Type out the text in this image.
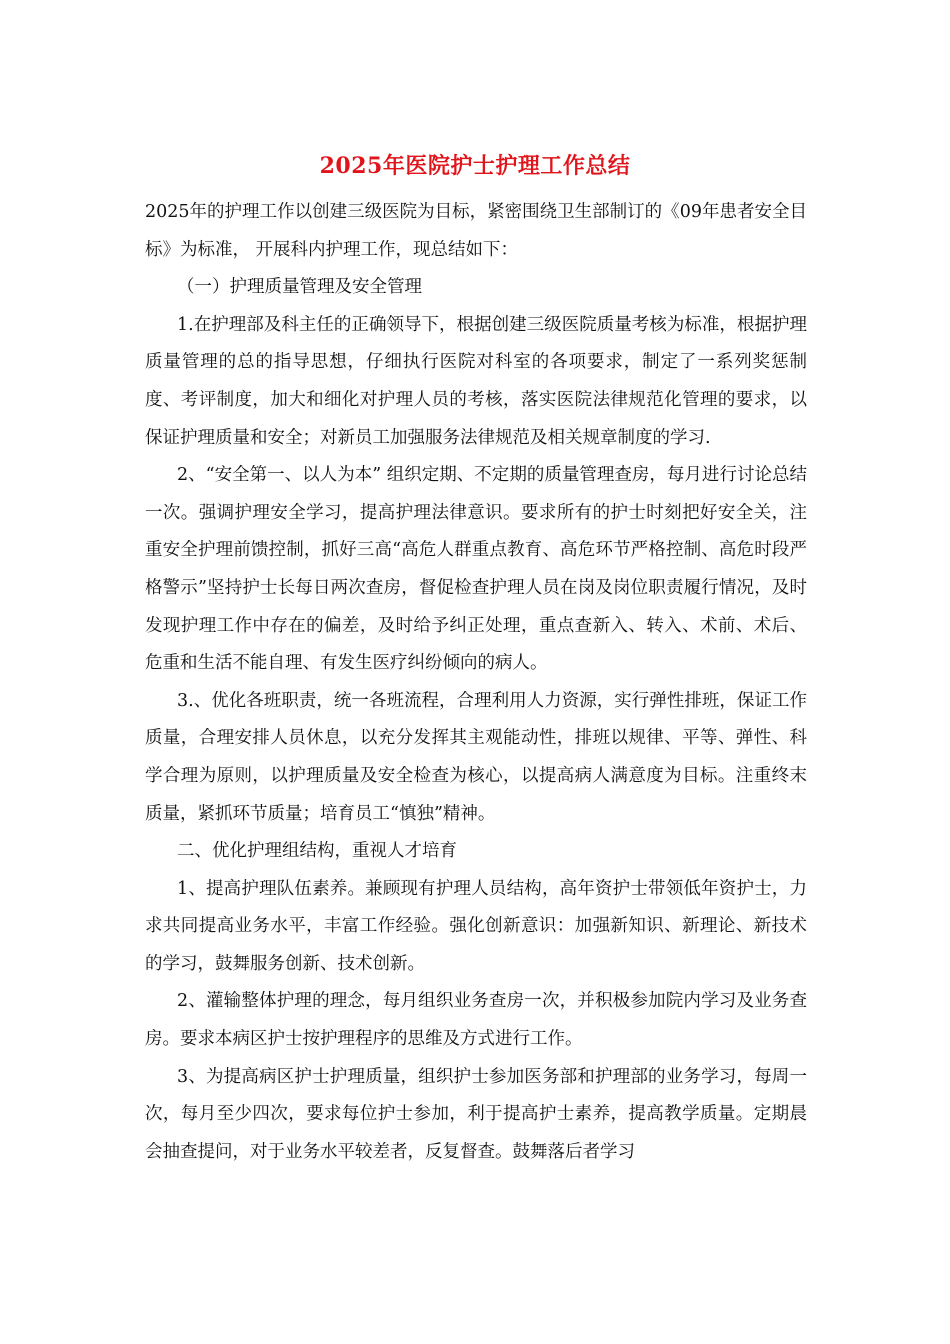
2025年医院护士护理工作总结

2025年的护理工作以创建三级医院为目标，紧密围绕卫生部制订的《09年患者安全目标》为标准， 开展科内护理工作，现总结如下：

（一）护理质量管理及安全管理

1.在护理部及科主任的正确领导下，根据创建三级医院质量考核为标准，根据护理质量管理的总的指导思想，仔细执行医院对科室的各项要求，制定了一系列奖惩制度、考评制度，加大和细化对护理人员的考核，落实医院法律规范化管理的要求，以保证护理质量和安全；对新员工加强服务法律规范及相关规章制度的学习.

2、“安全第一、以人为本” 组织定期、不定期的质量管理查房，每月进行讨论总结一次。强调护理安全学习，提高护理法律意识。要求所有的护士时刻把好安全关，注重安全护理前馈控制，抓好三高“高危人群重点教育、高危环节严格控制、高危时段严格警示”坚持护士长每日两次查房，督促检查护理人员在岗及岗位职责履行情况，及时发现护理工作中存在的偏差，及时给予纠正处理，重点查新入、转入、术前、术后、危重和生活不能自理、有发生医疗纠纷倾向的病人。

3.、优化各班职责，统一各班流程，合理利用人力资源，实行弹性排班，保证工作质量，合理安排人员休息，以充分发挥其主观能动性，排班以规律、平等、弹性、科学合理为原则，以护理质量及安全检查为核心，以提高病人满意度为目标。注重终末质量，紧抓环节质量；培育员工“慎独”精神。

二、优化护理组结构，重视人才培育

1、提高护理队伍素养。兼顾现有护理人员结构，高年资护士带领低年资护士，力求共同提高业务水平，丰富工作经验。强化创新意识：加强新知识、新理论、新技术的学习，鼓舞服务创新、技术创新。

2、灌输整体护理的理念，每月组织业务查房一次，并积极参加院内学习及业务查房。要求本病区护士按护理程序的思维及方式进行工作。

3、为提高病区护士护理质量，组织护士参加医务部和护理部的业务学习，每周一次，每月至少四次，要求每位护士参加，利于提高护士素养，提高教学质量。定期晨会抽查提问，对于业务水平较差者，反复督查。鼓舞落后者学习
